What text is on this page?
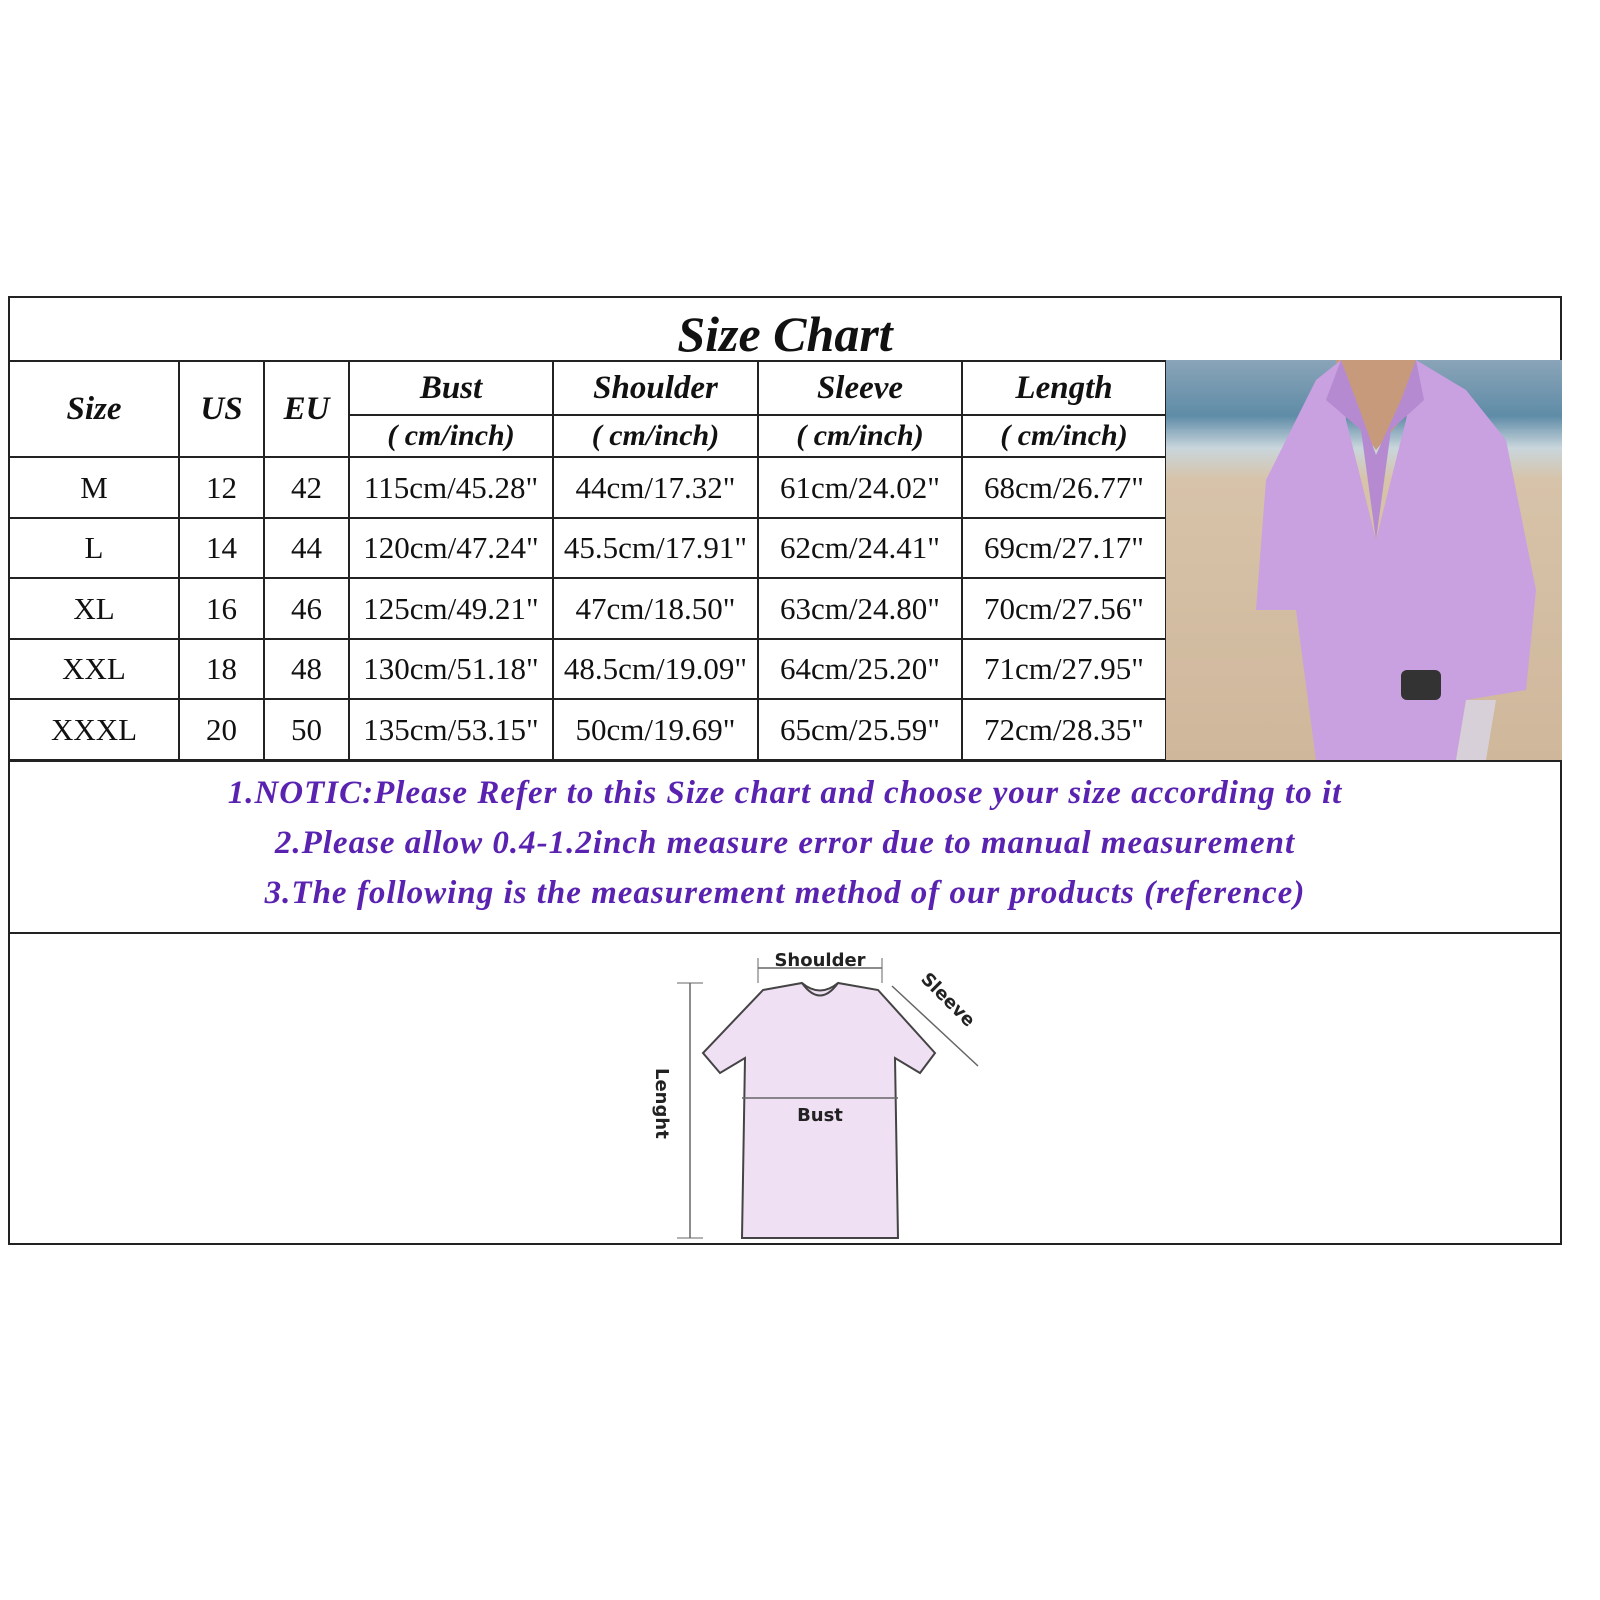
Size Chart
Size	US	EU	Bust	Shoulder	Sleeve	Length
			( cm/inch)	( cm/inch)	( cm/inch)	( cm/inch)
M	12	42	115cm/45.28"	44cm/17.32"	61cm/24.02"	68cm/26.77"
L	14	44	120cm/47.24"	45.5cm/17.91"	62cm/24.41"	69cm/27.17"
XL	16	46	125cm/49.21"	47cm/18.50"	63cm/24.80"	70cm/27.56"
XXL	18	48	130cm/51.18"	48.5cm/19.09"	64cm/25.20"	71cm/27.95"
XXXL	20	50	135cm/53.15"	50cm/19.69"	65cm/25.59"	72cm/28.35"
1.NOTIC:Please Refer to this Size chart and choose your size according to it
2.Please allow 0.4-1.2inch measure error due to manual measurement
3.The following is the measurement method of our products (reference)
Shoulder
Bust
Sleeve
Lenght
